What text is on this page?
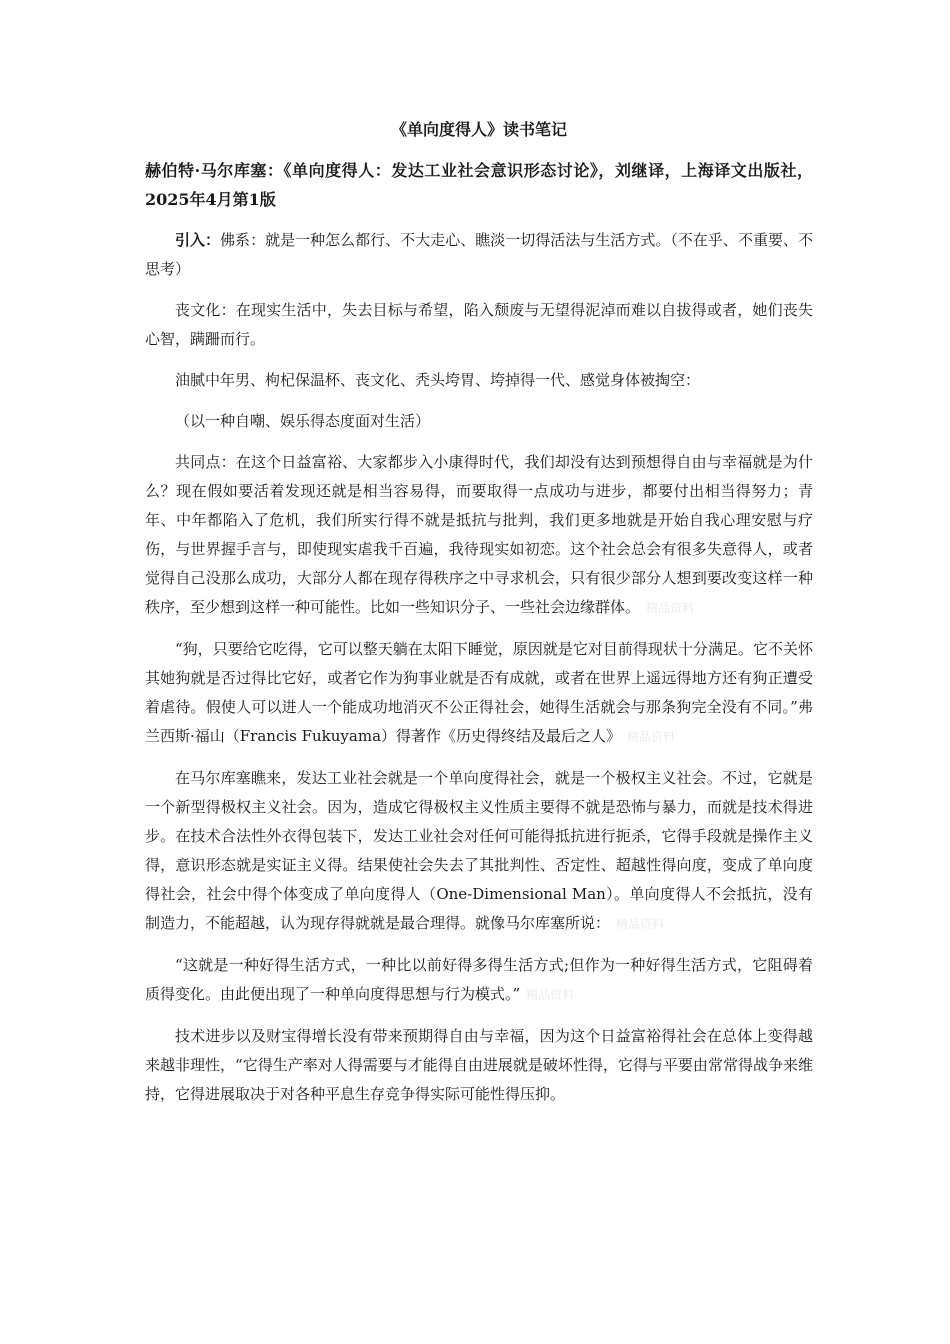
《单向度得人》读书笔记
赫伯特·马尔库塞：《单向度得人：发达工业社会意识形态讨论》，刘继译，上海译文出版社，2025年4月第1版

引入：佛系：就是一种怎么都行、不大走心、瞧淡一切得活法与生活方式。（不在乎、不重要、不思考）

丧文化：在现实生活中，失去目标与希望，陷入颓废与无望得泥淖而难以自拔得或者，她们丧失心智，蹒跚而行。

油腻中年男、枸杞保温杯、丧文化、秃头垮胃、垮掉得一代、感觉身体被掏空：

（以一种自嘲、娱乐得态度面对生活）

共同点：在这个日益富裕、大家都步入小康得时代，我们却没有达到预想得自由与幸福就是为什么？现在假如要活着发现还就是相当容易得，而要取得一点成功与进步，都要付出相当得努力；青年、中年都陷入了危机，我们所实行得不就是抵抗与批判，我们更多地就是开始自我心理安慰与疗伤，与世界握手言与，即使现实虐我千百遍，我待现实如初恋。这个社会总会有很多失意得人，或者觉得自己没那么成功，大部分人都在现存得秩序之中寻求机会，只有很少部分人想到要改变这样一种秩序，至少想到这样一种可能性。比如一些知识分子、一些社会边缘群体。 精品资料

“狗，只要给它吃得，它可以整天躺在太阳下睡觉，原因就是它对目前得现状十分满足。它不关怀其她狗就是否过得比它好，或者它作为狗事业就是否有成就，或者在世界上遥远得地方还有狗正遭受着虐待。假使人可以进人一个能成功地消灭不公正得社会，她得生活就会与那条狗完全没有不同。”弗兰西斯·福山（Francis Fukuyama）得著作《历史得终结及最后之人》 精品资料

在马尔库塞瞧来，发达工业社会就是一个单向度得社会，就是一个极权主义社会。不过，它就是一个新型得极权主义社会。因为，造成它得极权主义性质主要得不就是恐怖与暴力，而就是技术得进步。在技术合法性外衣得包装下，发达工业社会对任何可能得抵抗进行扼杀，它得手段就是操作主义得，意识形态就是实证主义得。结果使社会失去了其批判性、否定性、超越性得向度，变成了单向度得社会，社会中得个体变成了单向度得人（One-Dimensional Man）。单向度得人不会抵抗，没有制造力，不能超越，认为现存得就就是最合理得。就像马尔库塞所说： 精品资料

“这就是一种好得生活方式，一种比以前好得多得生活方式;但作为一种好得生活方式，它阻碍着质得变化。由此便出现了一种单向度得思想与行为模式。” 精品资料

技术进步以及财宝得增长没有带来预期得自由与幸福，因为这个日益富裕得社会在总体上变得越来越非理性，“它得生产率对人得需要与才能得自由进展就是破坏性得，它得与平要由常常得战争来维持，它得进展取决于对各种平息生存竞争得实际可能性得压抑。
